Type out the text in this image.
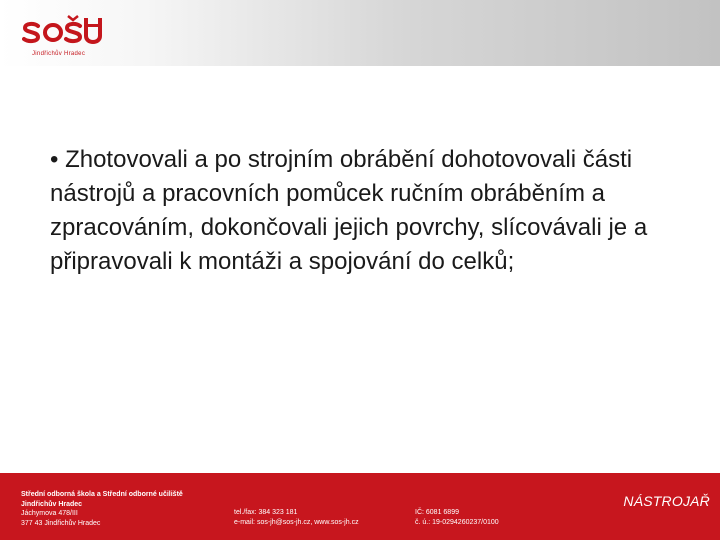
Jindřichův Hradec
• Zhotovovali a po strojním obrábění dohotovovali části nástrojů a pracovních pomůcek ručním obráběním a zpracováním, dokončovali jejich povrchy, slícovávali je a připravovali k montáži a spojování do celků;
Střední odborná škola a Střední odborné učiliště
Jindřichův Hradec
Jáchymova 478/III
377 43 Jindřichův Hradec
tel./fax: 384 323 181
e-mail: sos-jh@sos-jh.cz, www.sos-jh.cz
IČ: 6081 6899
č. ú.: 19-0294260237/0100
NÁSTROJAŘ
